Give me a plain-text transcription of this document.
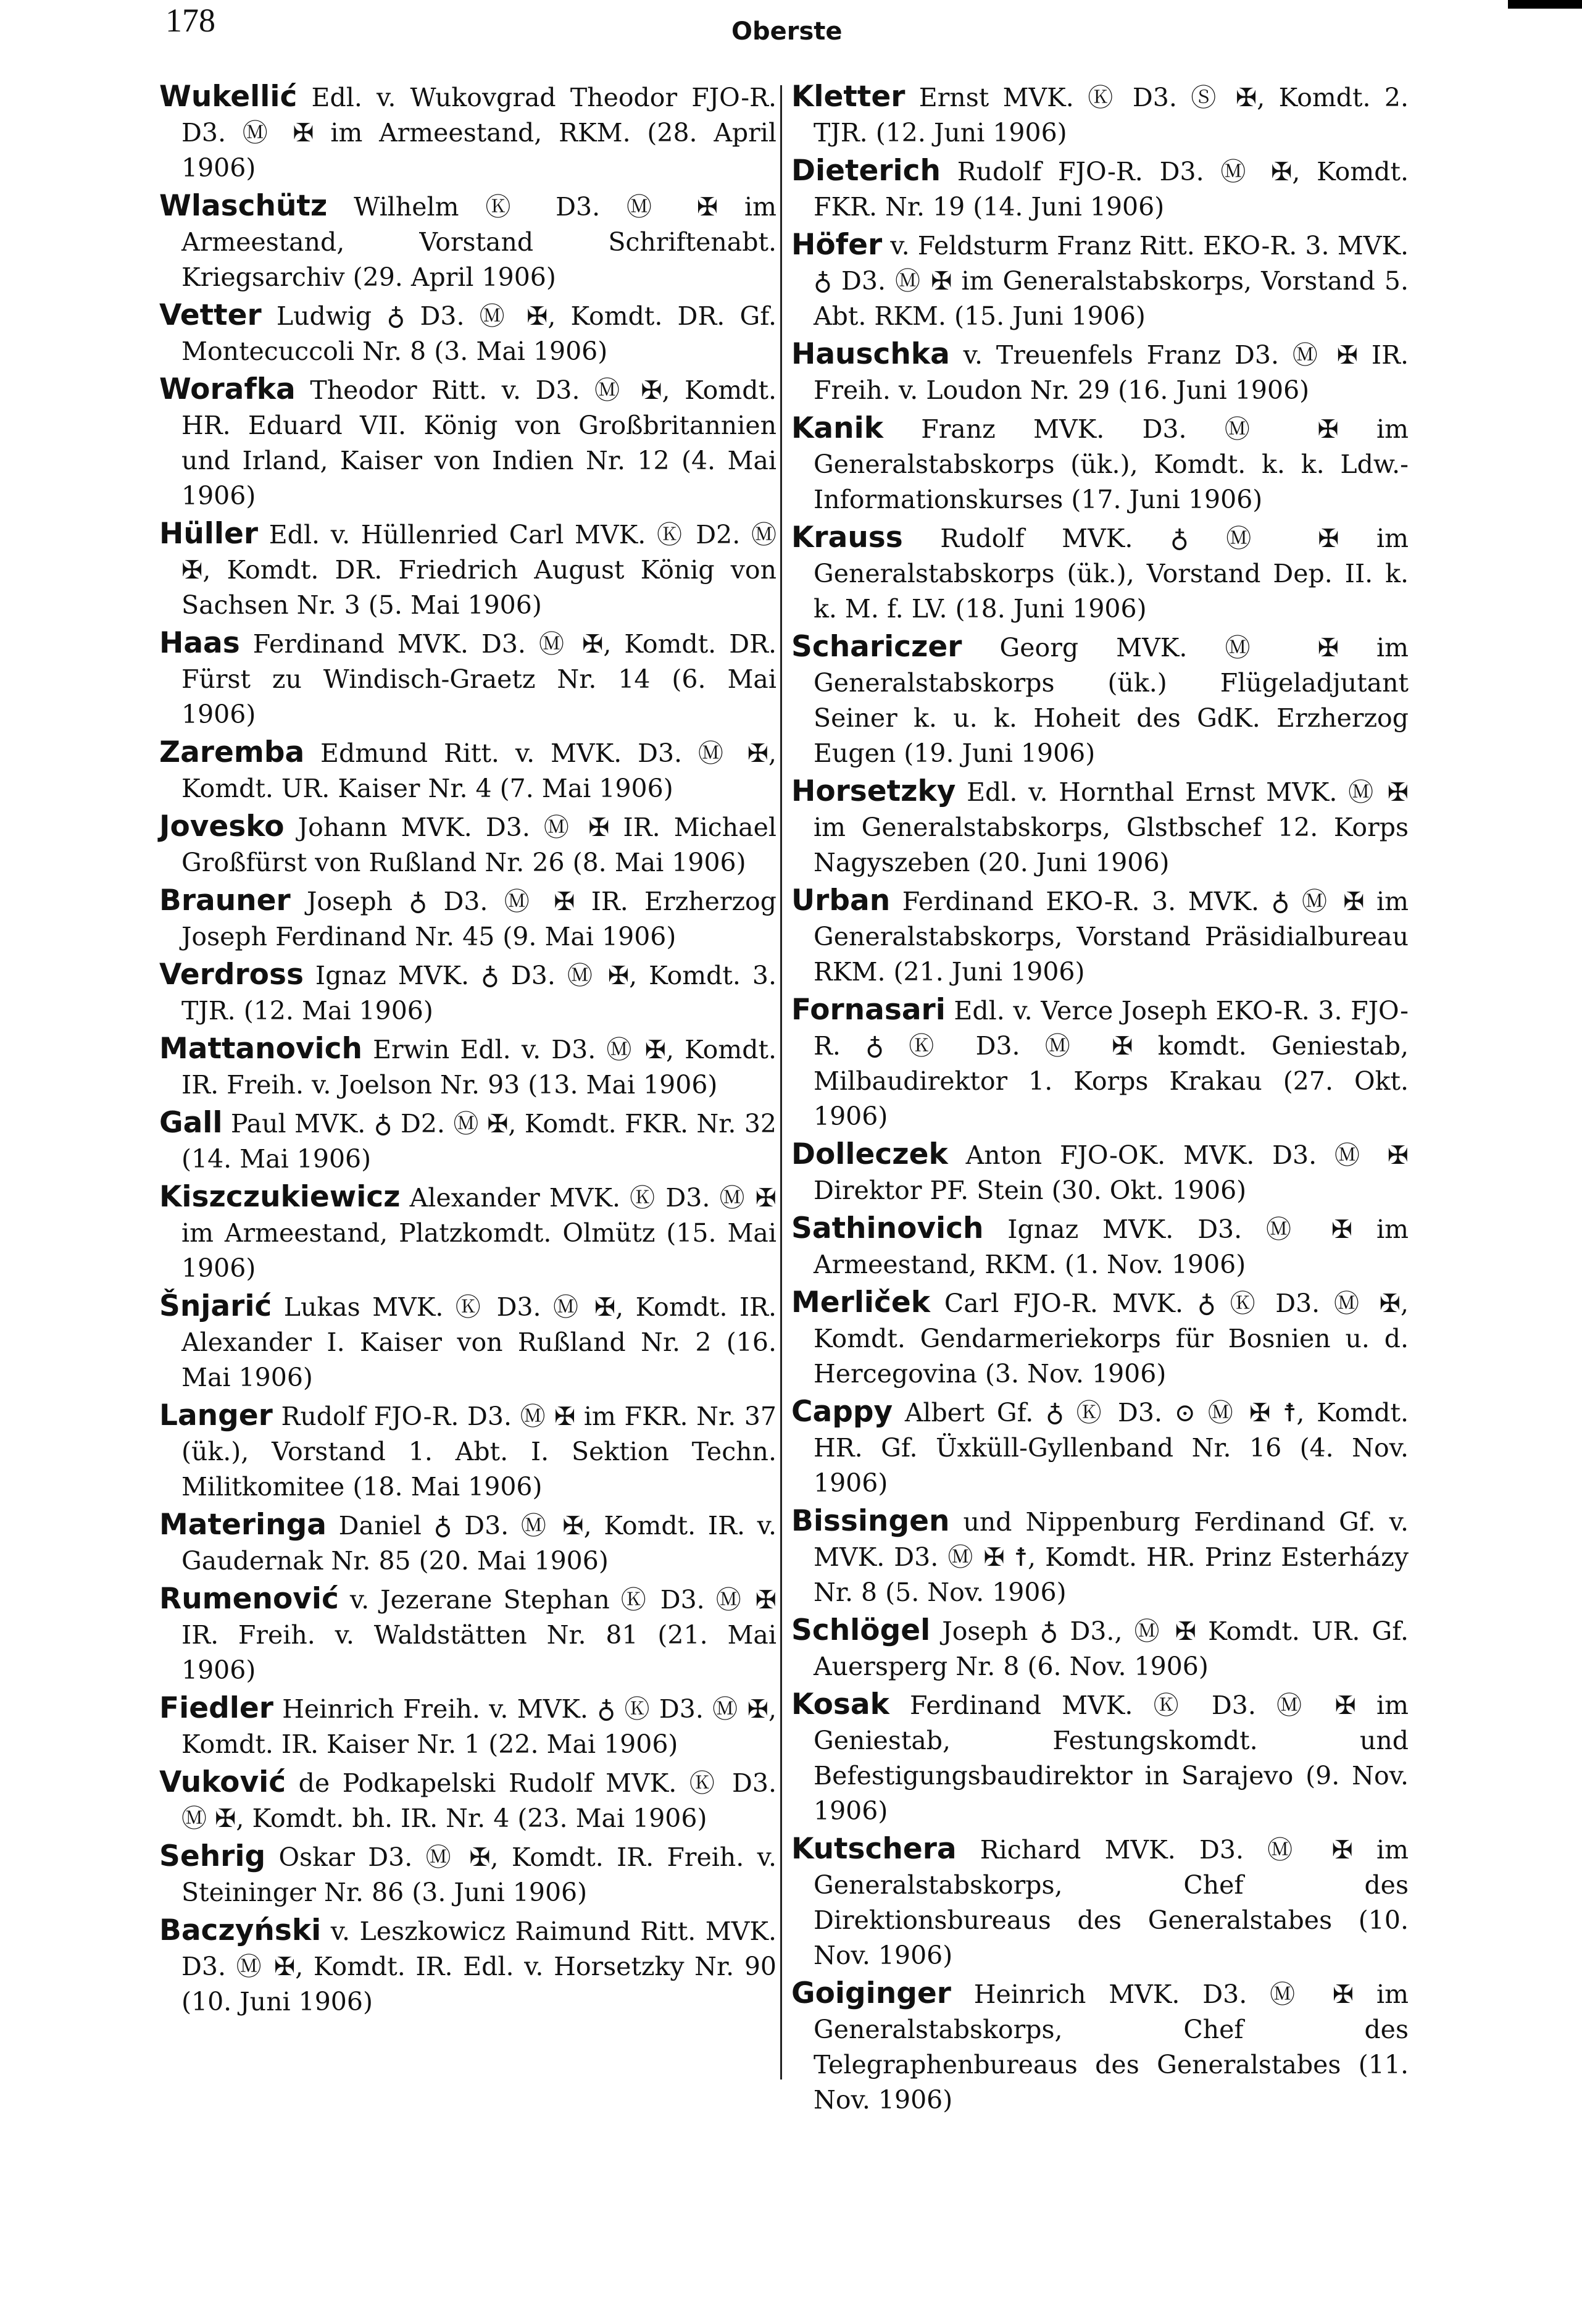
178	Oberste

Wukellić Edl. v. Wukovgrad Theodor FJO-R. D3. Ⓜ ✠ im Armeestand, RKM. (28. April 1906)

Wlaschütz Wilhelm Ⓚ D3. Ⓜ ✠ im Armeestand, Vorstand Schriftenabt. Kriegsarchiv (29. April 1906)

Vetter Ludwig ♁ D3. Ⓜ ✠, Komdt. DR. Gf. Montecuccoli Nr. 8 (3. Mai 1906)

Worafka Theodor Ritt. v. D3. Ⓜ ✠, Komdt. HR. Eduard VII. König von Großbritannien und Irland, Kaiser von Indien Nr. 12 (4. Mai 1906)

Hüller Edl. v. Hüllenried Carl MVK. Ⓚ D2. Ⓜ ✠, Komdt. DR. Friedrich August König von Sachsen Nr. 3 (5. Mai 1906)

Haas Ferdinand MVK. D3. Ⓜ ✠, Komdt. DR. Fürst zu Windisch-Graetz Nr. 14 (6. Mai 1906)

Zaremba Edmund Ritt. v. MVK. D3. Ⓜ ✠, Komdt. UR. Kaiser Nr. 4 (7. Mai 1906)

Jovesko Johann MVK. D3. Ⓜ ✠ IR. Michael Großfürst von Rußland Nr. 26 (8. Mai 1906)

Brauner Joseph ♁ D3. Ⓜ ✠ IR. Erzherzog Joseph Ferdinand Nr. 45 (9. Mai 1906)

Verdross Ignaz MVK. ♁ D3. Ⓜ ✠, Komdt. 3. TJR. (12. Mai 1906)

Mattanovich Erwin Edl. v. D3. Ⓜ ✠, Komdt. IR. Freih. v. Joelson Nr. 93 (13. Mai 1906)

Gall Paul MVK. ♁ D2. Ⓜ ✠, Komdt. FKR. Nr. 32 (14. Mai 1906)

Kiszczukiewicz Alexander MVK. Ⓚ D3. Ⓜ ✠ im Armeestand, Platzkomdt. Olmütz (15. Mai 1906)

Šnjarić Lukas MVK. Ⓚ D3. Ⓜ ✠, Komdt. IR. Alexander I. Kaiser von Rußland Nr. 2 (16. Mai 1906)

Langer Rudolf FJO-R. D3. Ⓜ ✠ im FKR. Nr. 37 (ük.), Vorstand 1. Abt. I. Sektion Techn. Militkomitee (18. Mai 1906)

Materinga Daniel ♁ D3. Ⓜ ✠, Komdt. IR. v. Gaudernak Nr. 85 (20. Mai 1906)

Rumenović v. Jezerane Stephan Ⓚ D3. Ⓜ ✠ IR. Freih. v. Waldstätten Nr. 81 (21. Mai 1906)

Fiedler Heinrich Freih. v. MVK. ♁ Ⓚ D3. Ⓜ ✠, Komdt. IR. Kaiser Nr. 1 (22. Mai 1906)

Vuković de Podkapelski Rudolf MVK. Ⓚ D3. Ⓜ ✠, Komdt. bh. IR. Nr. 4 (23. Mai 1906)

Sehrig Oskar D3. Ⓜ ✠, Komdt. IR. Freih. v. Steininger Nr. 86 (3. Juni 1906)

Baczyński v. Leszkowicz Raimund Ritt. MVK. D3. Ⓜ ✠, Komdt. IR. Edl. v. Horsetzky Nr. 90 (10. Juni 1906)

Kletter Ernst MVK. Ⓚ D3. Ⓢ ✠, Komdt. 2. TJR. (12. Juni 1906)

Dieterich Rudolf FJO-R. D3. Ⓜ ✠, Komdt. FKR. Nr. 19 (14. Juni 1906)

Höfer v. Feldsturm Franz Ritt. EKO-R. 3. MVK. ♁ D3. Ⓜ ✠ im Generalstabskorps, Vorstand 5. Abt. RKM. (15. Juni 1906)

Hauschka v. Treuenfels Franz D3. Ⓜ ✠ IR. Freih. v. Loudon Nr. 29 (16. Juni 1906)

Kanik Franz MVK. D3. Ⓜ ✠ im Generalstabskorps (ük.), Komdt. k. k. Ldw.-Informationskurses (17. Juni 1906)

Krauss Rudolf MVK. ♁ Ⓜ ✠ im Generalstabskorps (ük.), Vorstand Dep. II. k. k. M. f. LV. (18. Juni 1906)

Schariczer Georg MVK. Ⓜ ✠ im Generalstabskorps (ük.) Flügeladjutant Seiner k. u. k. Hoheit des GdK. Erzherzog Eugen (19. Juni 1906)

Horsetzky Edl. v. Hornthal Ernst MVK. Ⓜ ✠ im Generalstabskorps, Glstbschef 12. Korps Nagyszeben (20. Juni 1906)

Urban Ferdinand EKO-R. 3. MVK. ♁ Ⓜ ✠ im Generalstabskorps, Vorstand Präsidialbureau RKM. (21. Juni 1906)

Fornasari Edl. v. Verce Joseph EKO-R. 3. FJO-R. ♁ Ⓚ D3. Ⓜ ✠ komdt. Geniestab, Milbaudirektor 1. Korps Krakau (27. Okt. 1906)

Dolleczek Anton FJO-OK. MVK. D3. Ⓜ ✠ Direktor PF. Stein (30. Okt. 1906)

Sathinovich Ignaz MVK. D3. Ⓜ ✠ im Armeestand, RKM. (1. Nov. 1906)

Merliček Carl FJO-R. MVK. ♁ Ⓚ D3. Ⓜ ✠, Komdt. Gendarmeriekorps für Bosnien u. d. Hercegovina (3. Nov. 1906)

Cappy Albert Gf. ♁ Ⓚ D3. ⊙ Ⓜ ✠ ☨, Komdt. HR. Gf. Üxküll-Gyllenband Nr. 16 (4. Nov. 1906)

Bissingen und Nippenburg Ferdinand Gf. v. MVK. D3. Ⓜ ✠ ☨, Komdt. HR. Prinz Esterházy Nr. 8 (5. Nov. 1906)

Schlögel Joseph ♁ D3., Ⓜ ✠ Komdt. UR. Gf. Auersperg Nr. 8 (6. Nov. 1906)

Kosak Ferdinand MVK. Ⓚ D3. Ⓜ ✠ im Geniestab, Festungskomdt. und Befestigungsbaudirektor in Sarajevo (9. Nov. 1906)

Kutschera Richard MVK. D3. Ⓜ ✠ im Generalstabskorps, Chef des Direktionsbureaus des Generalstabes (10. Nov. 1906)

Goiginger Heinrich MVK. D3. Ⓜ ✠ im Generalstabskorps, Chef des Telegraphenbureaus des Generalstabes (11. Nov. 1906)
